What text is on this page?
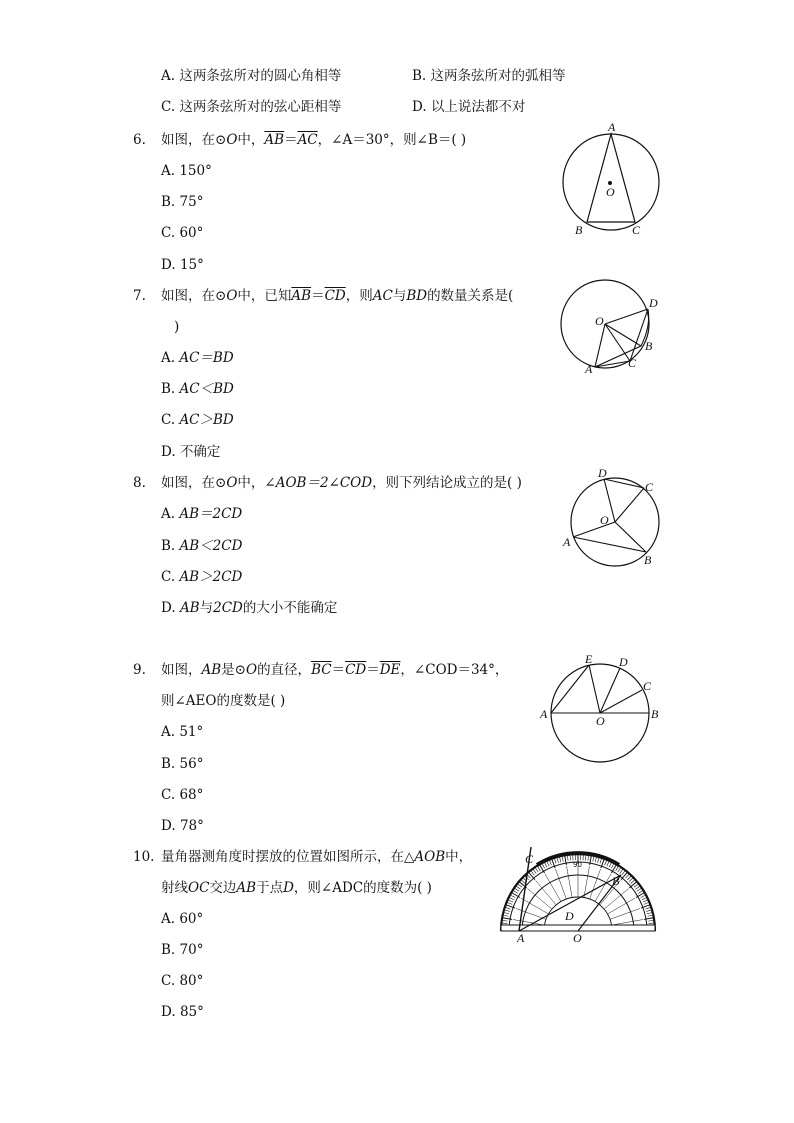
A. 这两条弦所对的圆心角相等	B. 这两条弦所对的弧相等
C. 这两条弦所对的弦心距相等	D. 以上说法都不对
6. 如图，在⊙O中，$\overline{AB}=\overline{AC}$，∠A＝30°，则∠B＝( )
A. 150°
B. 75°
C. 60°
D. 15°
A
B	C
O
7. 如图，在⊙O中，已知$\overline{AB}=\overline{CD}$，则AC与BD的数量关系是(
)
A. AC＝BD
B. AC＜BD
C. AC＞BD
D. 不确定
O
D
B
C
A
8. 如图，在⊙O中，∠AOB＝2∠COD，则下列结论成立的是( )
A. AB＝2CD
B. AB＜2CD
C. AB＞2CD
D. AB与2CD的大小不能确定
D
C
O
A
B
9. 如图，AB是⊙O的直径，$\overline{BC}=\overline{CD}=\overline{DE}$，∠COD＝34°，
则∠AEO的度数是( )
A. 51°
B. 56°
C. 68°
D. 78°
E D
C
A	O	B
10. 量角器测角度时摆放的位置如图所示，在△AOB中，
射线OC交边AB于点D，则∠ADC的度数为( )
A. 60°
B. 70°
C. 80°
D. 85°
C
B
D
A	O
90
